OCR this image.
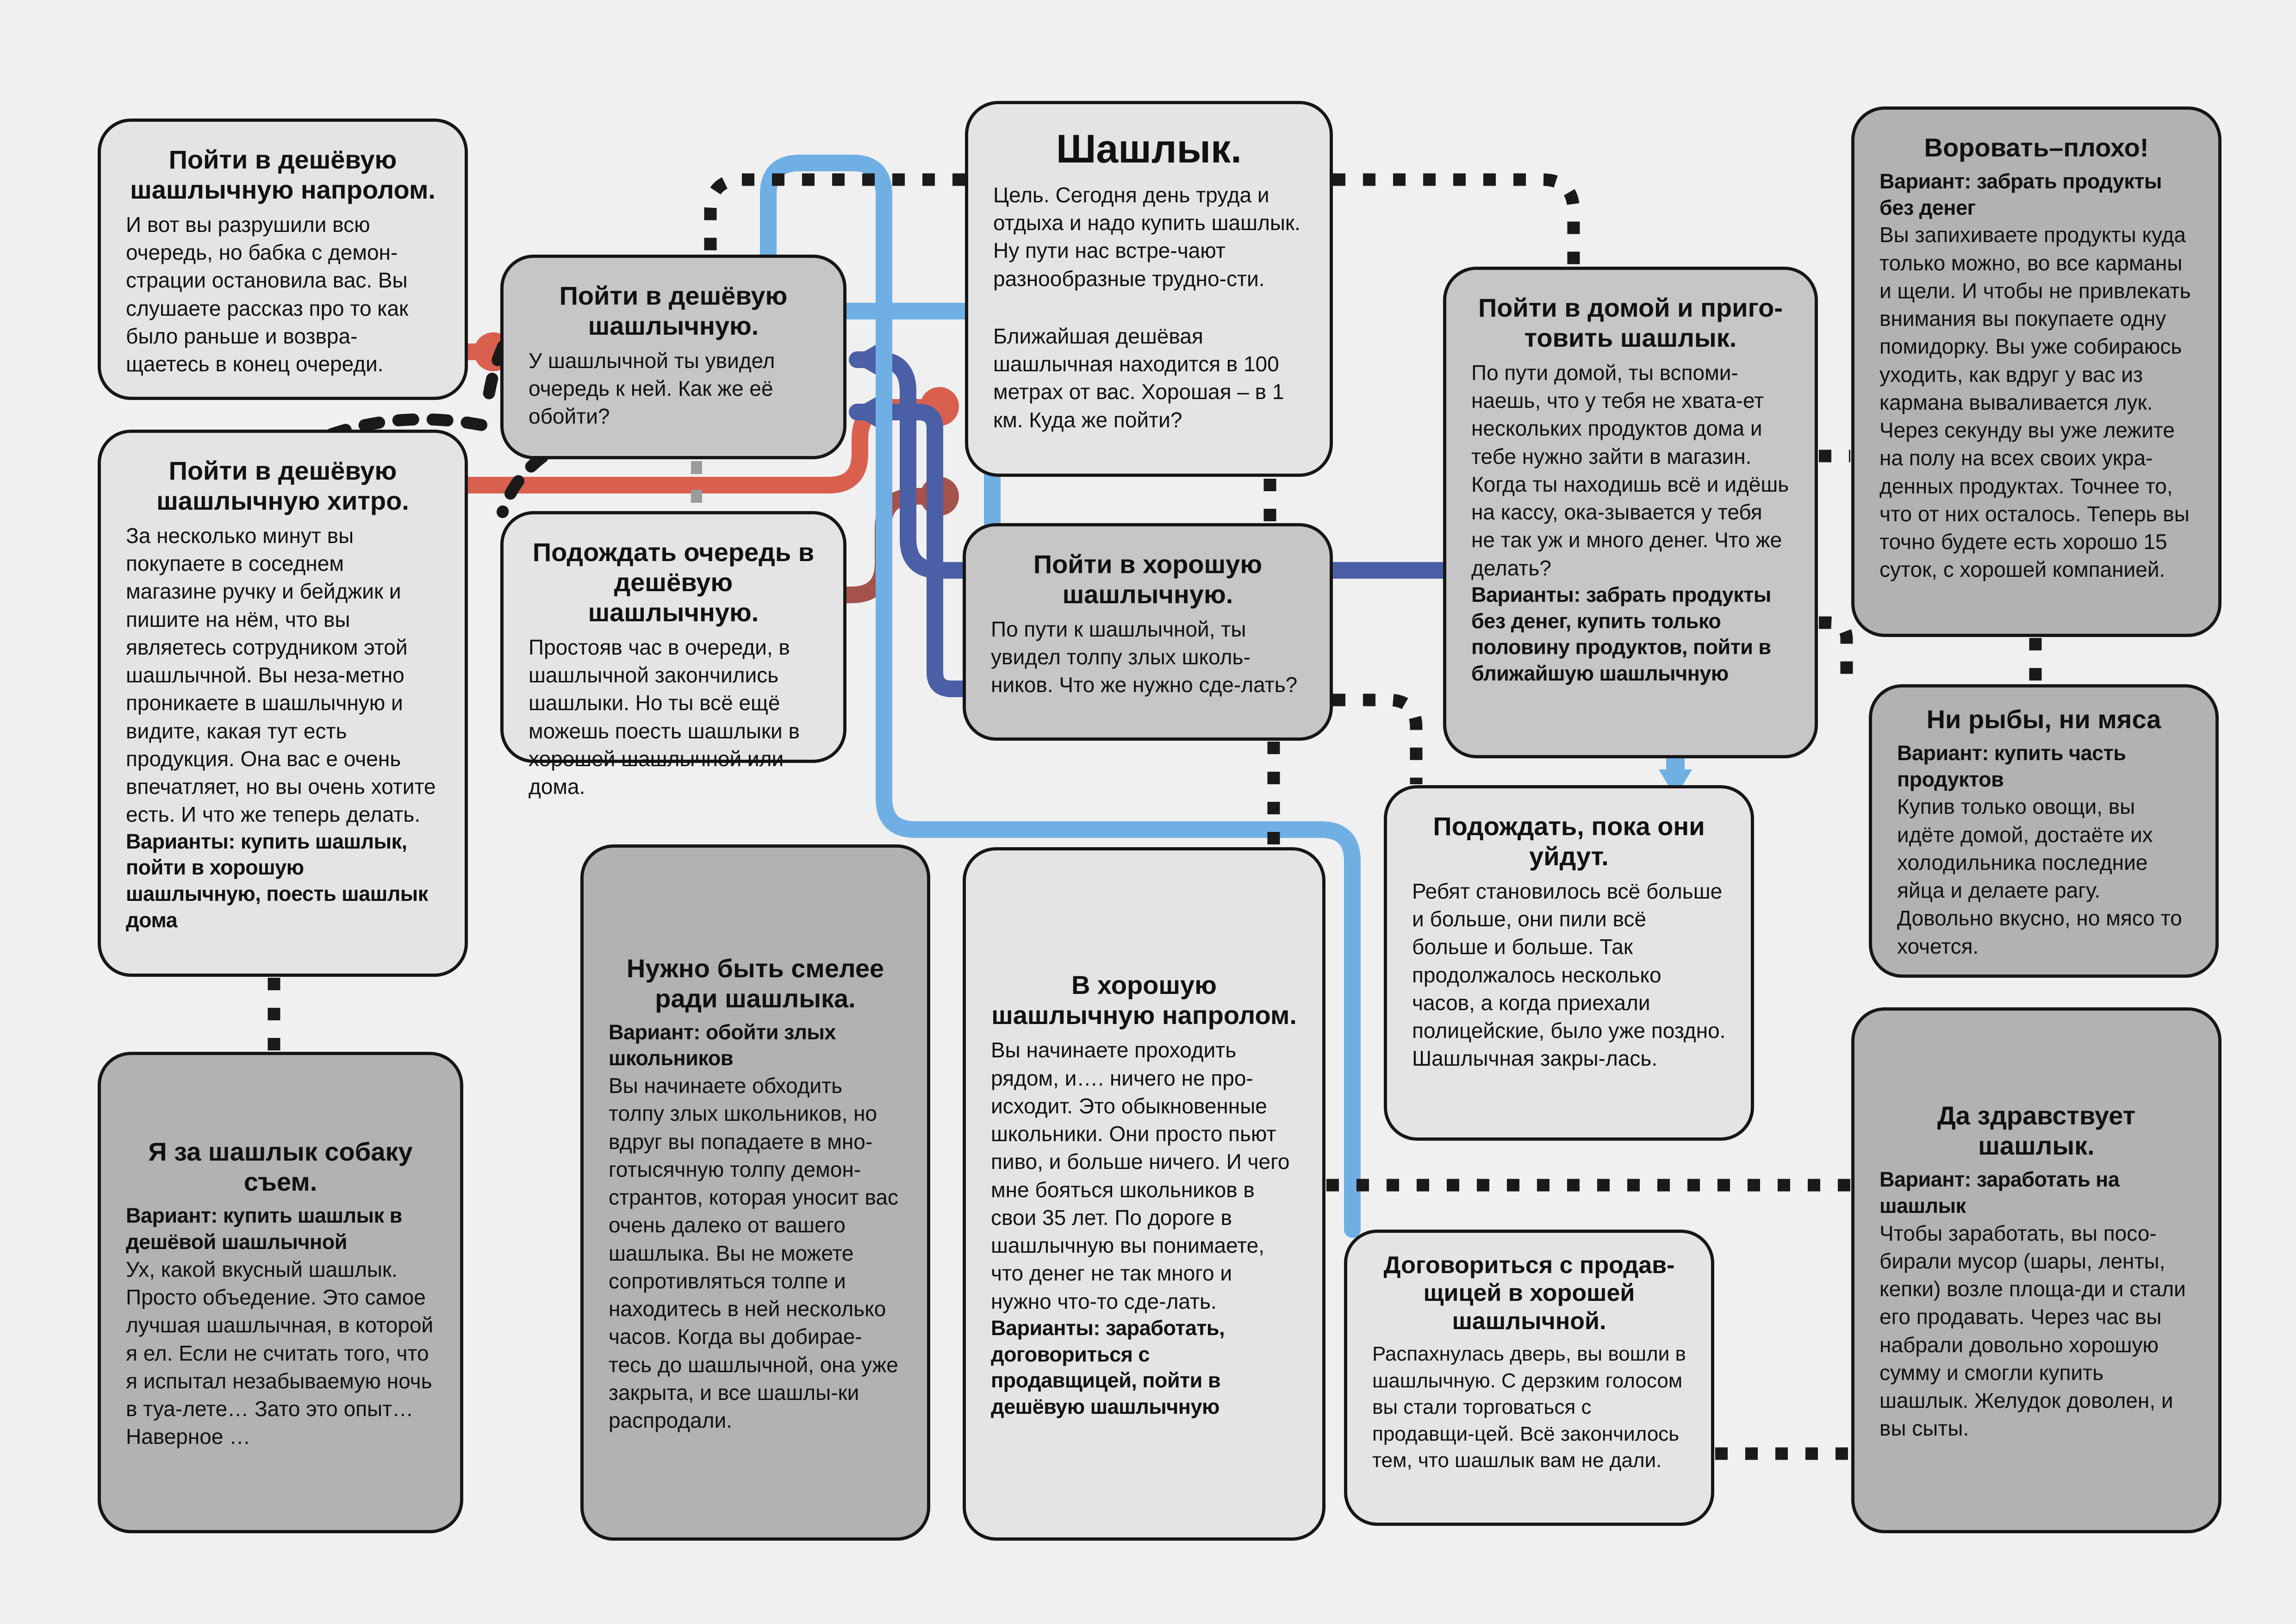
Пойти в дешёвую шашлычную напролом.

И вот вы разрушили всю очередь, но бабка с демон-страции остановила вас. Вы слушаете рассказ про то как было раньше и возвра-щаетесь в конец очереди.

Пойти в дешёвую шашлычную хитро.

За несколько минут вы покупаете в соседнем магазине ручку и бейджик и пишите на нём, что вы являетесь сотрудником этой шашлычной. Вы неза-метно проникаете в шашлычную и видите, какая тут есть продукция. Она вас е очень впечатляет, но вы очень хотите есть. И что же теперь делать.

Варианты: купить шашлык, пойти в хорошую шашлычную, поесть шашлык дома

Я за шашлык собаку съем.

Вариант: купить шашлык в дешёвой шашлычной

Ух, какой вкусный шашлык. Просто объедение. Это самое лучшая шашлычная, в которой я ел. Если не считать того, что я испытал незабываемую ночь в туа-лете… Зато это опыт… Наверное …

Пойти в дешёвую шашлычную.

У шашлычной ты увидел очередь к ней. Как же её обойти?

Подождать очередь в дешёвую шашлычную.

Простояв час в очереди, в шашлычной закончились шашлыки. Но ты всё ещё можешь поесть шашлыки в хорошей шашлычной или дома.

Нужно быть смелее ради шашлыка.

Вариант: обойти злых школьников

Вы начинаете обходить толпу злых школьников, но вдруг вы попадаете в мно-готысячную толпу демон-странтов, которая уносит вас очень далеко от вашего шашлыка. Вы не можете сопротивляться толпе и находитесь в ней несколько часов. Когда вы добирае-тесь до шашлычной, она уже закрыта, и все шашлы-ки распродали.

Шашлык.

Цель. Сегодня день труда и отдыха и надо купить шашлык. Ну пути нас встре-чают разнообразные трудно-сти.

Ближайшая дешёвая шашлычная находится в 100 метрах от вас. Хорошая – в 1 км. Куда же пойти?

Пойти в хорошую шашлычную.

По пути к шашлычной, ты увидел толпу злых школь-ников. Что же нужно сде-лать?

В хорошую шашлычную напролом.

Вы начинаете проходить рядом, и…. ничего не про-исходит. Это обыкновенные школьники. Они просто пьют пиво, и больше ничего. И чего мне бояться школьников в свои 35 лет. По дороге в шашлычную вы понимаете, что денег не так много и нужно что-то сде-лать.

Варианты: заработать, договориться с продавщицей, пойти в дешёвую шашлычную

Пойти в домой и приго-товить шашлык.

По пути домой, ты вспоми-наешь, что у тебя не хвата-ет нескольких продуктов дома и тебе нужно зайти в магазин. Когда ты находишь всё и идёшь на кассу, ока-зывается у тебя не так уж и много денег. Что же делать?

Варианты: забрать продукты без денег, купить только половину продуктов, пойти в ближайшую шашлычную

Подождать, пока они уйдут.

Ребят становилось всё больше и больше, они пили всё больше и больше. Так продолжалось несколько часов, а когда приехали полицейские, было уже поздно. Шашлычная закры-лась.

Договориться с продав-щицей в хорошей шашлычной.

Распахнулась дверь, вы вошли в шашлычную. С дерзким голосом вы стали торговаться с продавщи-цей. Всё закончилось тем, что шашлык вам не дали.

Воровать–плохо!

Вариант: забрать продукты без денег

Вы запихиваете продукты куда только можно, во все карманы и щели. И чтобы не привлекать внимания вы покупаете одну помидорку. Вы уже собираюсь уходить, как вдруг у вас из кармана вываливается лук. Через секунду вы уже лежите на полу на всех своих укра-денных продуктах. Точнее то, что от них осталось. Теперь вы точно будете есть хорошо 15 суток, с хорошей компанией.

Ни рыбы, ни мяса

Вариант: купить часть продуктов

Купив только овощи, вы идёте домой, достаёте их холодильника последние яйца и делаете рагу. Довольно вкусно, но мясо то хочется.

Да здравствует шашлык.

Вариант: заработать на шашлык

Чтобы заработать, вы посо-бирали мусор (шары, ленты, кепки) возле площа-ди и стали его продавать. Через час вы набрали довольно хорошую сумму и смогли купить шашлык. Желудок доволен, и вы сыты.
